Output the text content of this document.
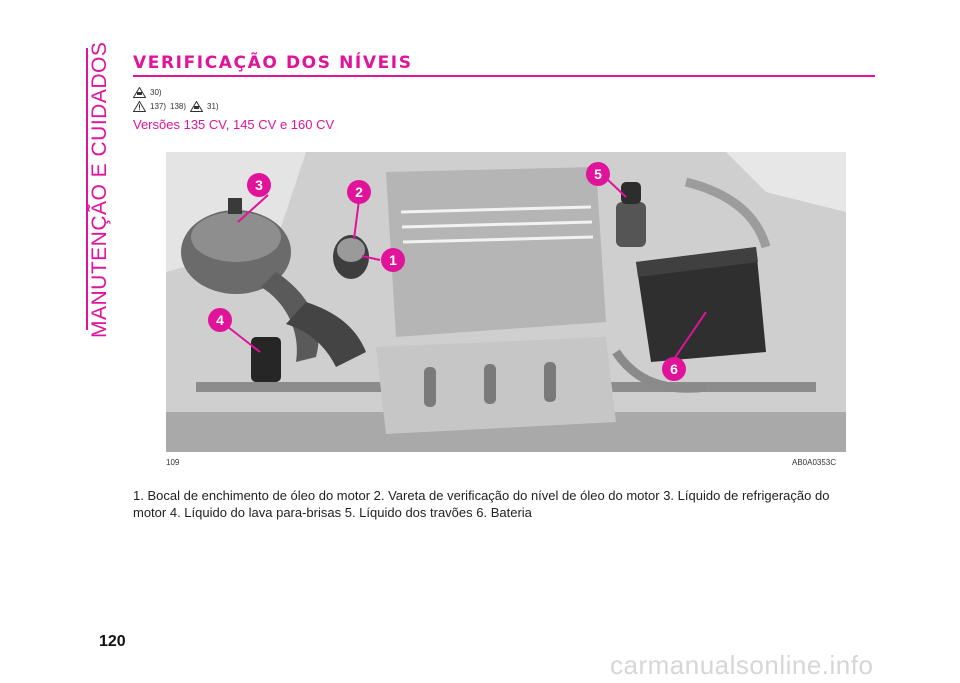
MANUTENÇÃO E CUIDADOS VERIFICAÇÃO DOS NÍVEIS
30)
137) 138)	31)
Versões 135 CV, 145 CV e 160 CV
3	2
1
4
5
6
109	AB0A0353C
1. Bocal de enchimento de óleo do motor 2. Vareta de verificação do nível de óleo do motor 3. Líquido de refrigeração do motor 4. Líquido do lava para-brisas 5. Líquido dos travões 6. Bateria
120
carmanualsonline.info
